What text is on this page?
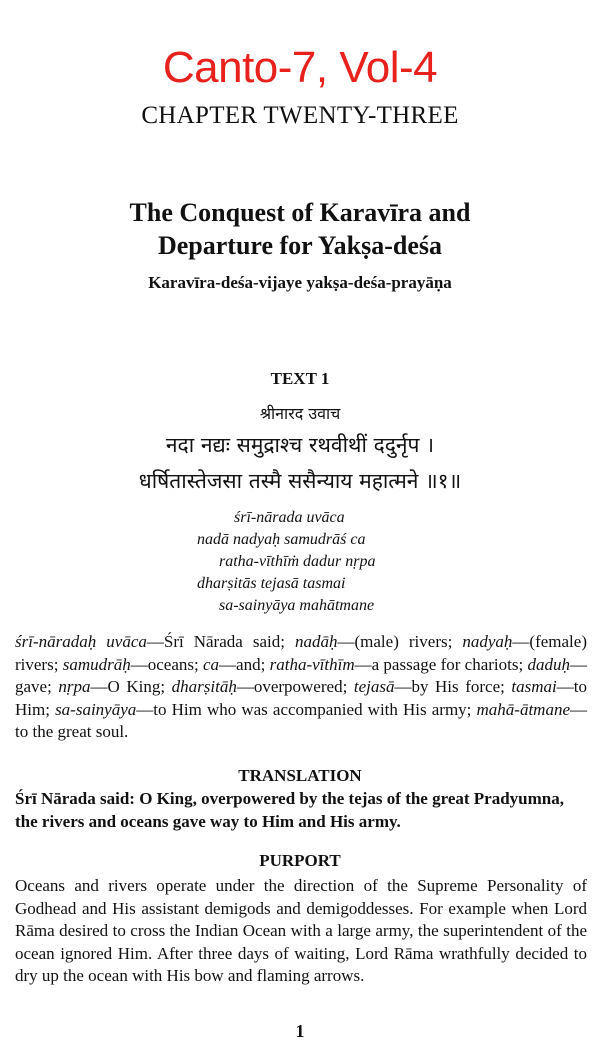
Canto-7, Vol-4
CHAPTER TWENTY-THREE
The Conquest of Karavīra and
Departure for Yakṣa-deśa
Karavīra-deśa-vijaye yakṣa-deśa-prayāṇa
TEXT 1
श्रीनारद उवाच
नदा नद्यः समुद्राश्च रथवीथीं ददुर्नृप ।
धर्षितास्तेजसा तस्मै ससैन्याय महात्मने ॥१॥
śrī-nārada uvāca
nadā nadyaḥ samudrāś ca
ratha-vīthīṁ dadur nṛpa
dharṣitās tejasā tasmai
sa-sainyāya mahātmane
śrī-nāradaḥ uvāca—Śrī Nārada said; nadāḥ—(male) rivers; nadyaḥ—(female) rivers; samudrāḥ—oceans; ca—and; ratha-vīthīm—a passage for chariots; daduḥ—gave; nṛpa—O King; dharṣitāḥ—overpowered; tejasā—by His force; tasmai—to Him; sa-sainyāya—to Him who was accompanied with His army; mahā-ātmane—to the great soul.
TRANSLATION
Śrī Nārada said: O King, overpowered by the tejas of the great Pradyumna, the rivers and oceans gave way to Him and His army.
PURPORT
Oceans and rivers operate under the direction of the Supreme Personality of Godhead and His assistant demigods and demigoddesses. For example when Lord Rāma desired to cross the Indian Ocean with a large army, the superintendent of the ocean ignored Him. After three days of waiting, Lord Rāma wrathfully decided to dry up the ocean with His bow and flaming arrows.
1
